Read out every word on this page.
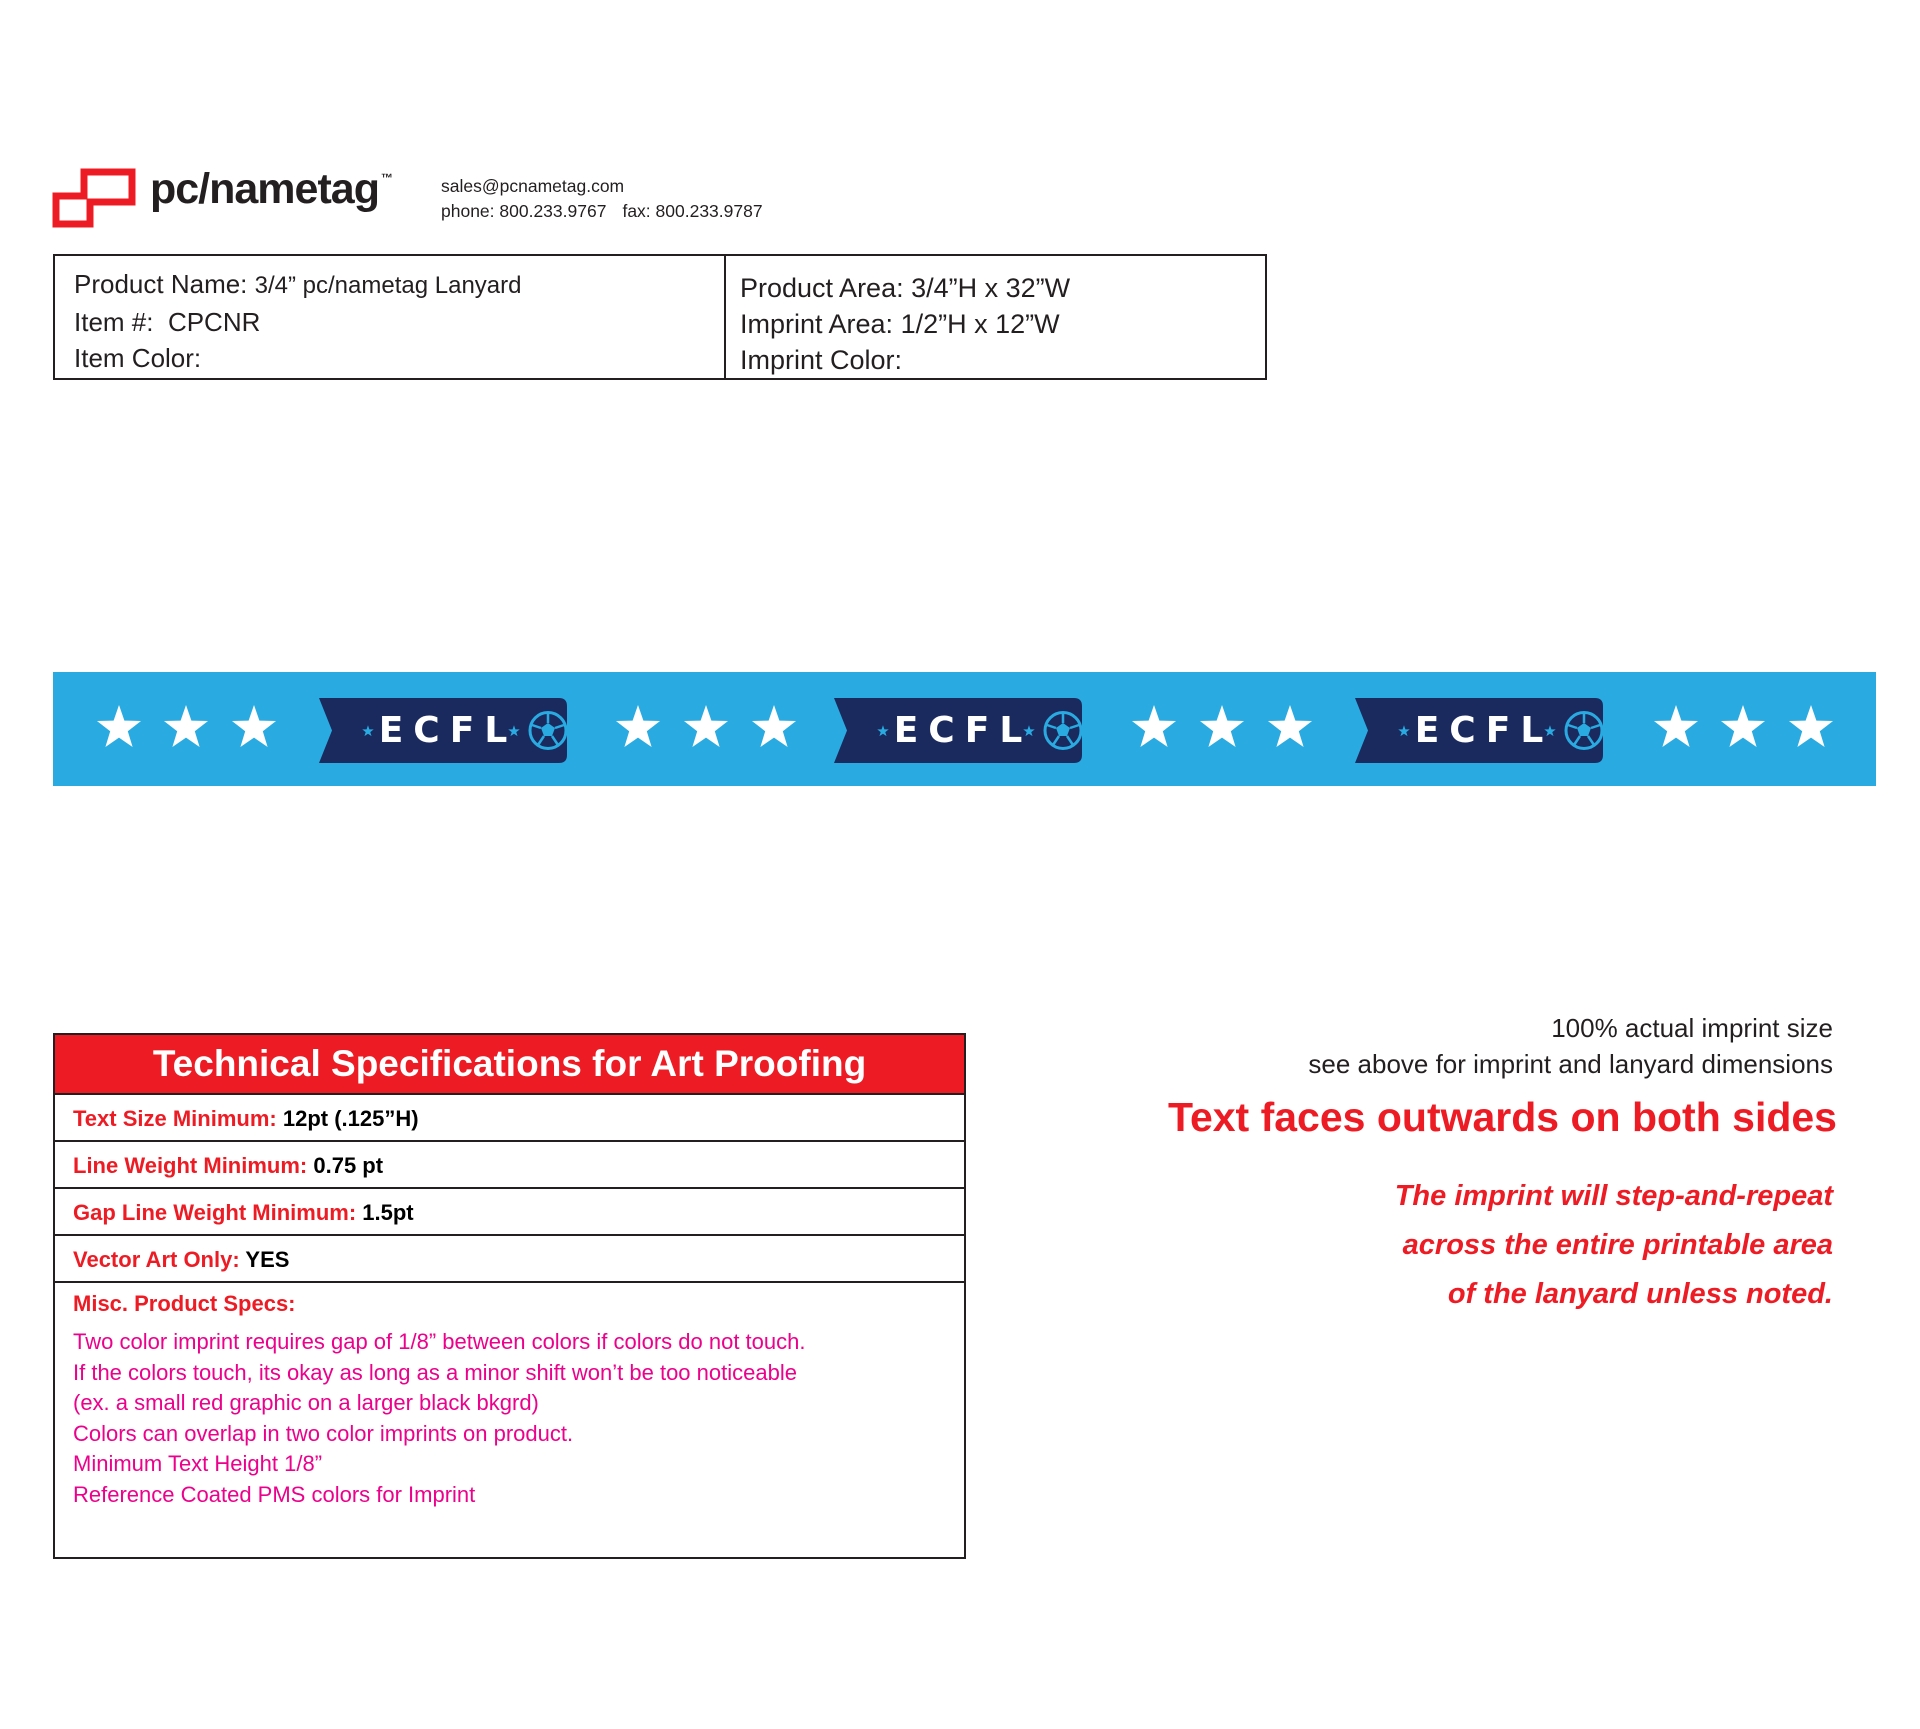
pc/nametag ™	sales@pcnametag.com
phone: 800.233.9767 fax: 800.233.9787
Product Name: 3/4” pc/nametag Lanyard
Item #: CPCNR
Item Color:
Product Area: 3/4”H x 32”W
Imprint Area: 1/2”H x 12”W
Imprint Color:
ECFL	ECFL	ECFL
Technical Specifications for Art Proofing
Text Size Minimum: 12pt (.125”H)
Line Weight Minimum: 0.75 pt
Gap Line Weight Minimum: 1.5pt
Vector Art Only: YES
Misc. Product Specs:
Two color imprint requires gap of 1/8” between colors if colors do not touch.
If the colors touch, its okay as long as a minor shift won’t be too noticeable
(ex. a small red graphic on a larger black bkgrd)
Colors can overlap in two color imprints on product.
Minimum Text Height 1/8”
Reference Coated PMS colors for Imprint
100% actual imprint size
see above for imprint and lanyard dimensions
Text faces outwards on both sides
The imprint will step-and-repeat
across the entire printable area
of the lanyard unless noted.
